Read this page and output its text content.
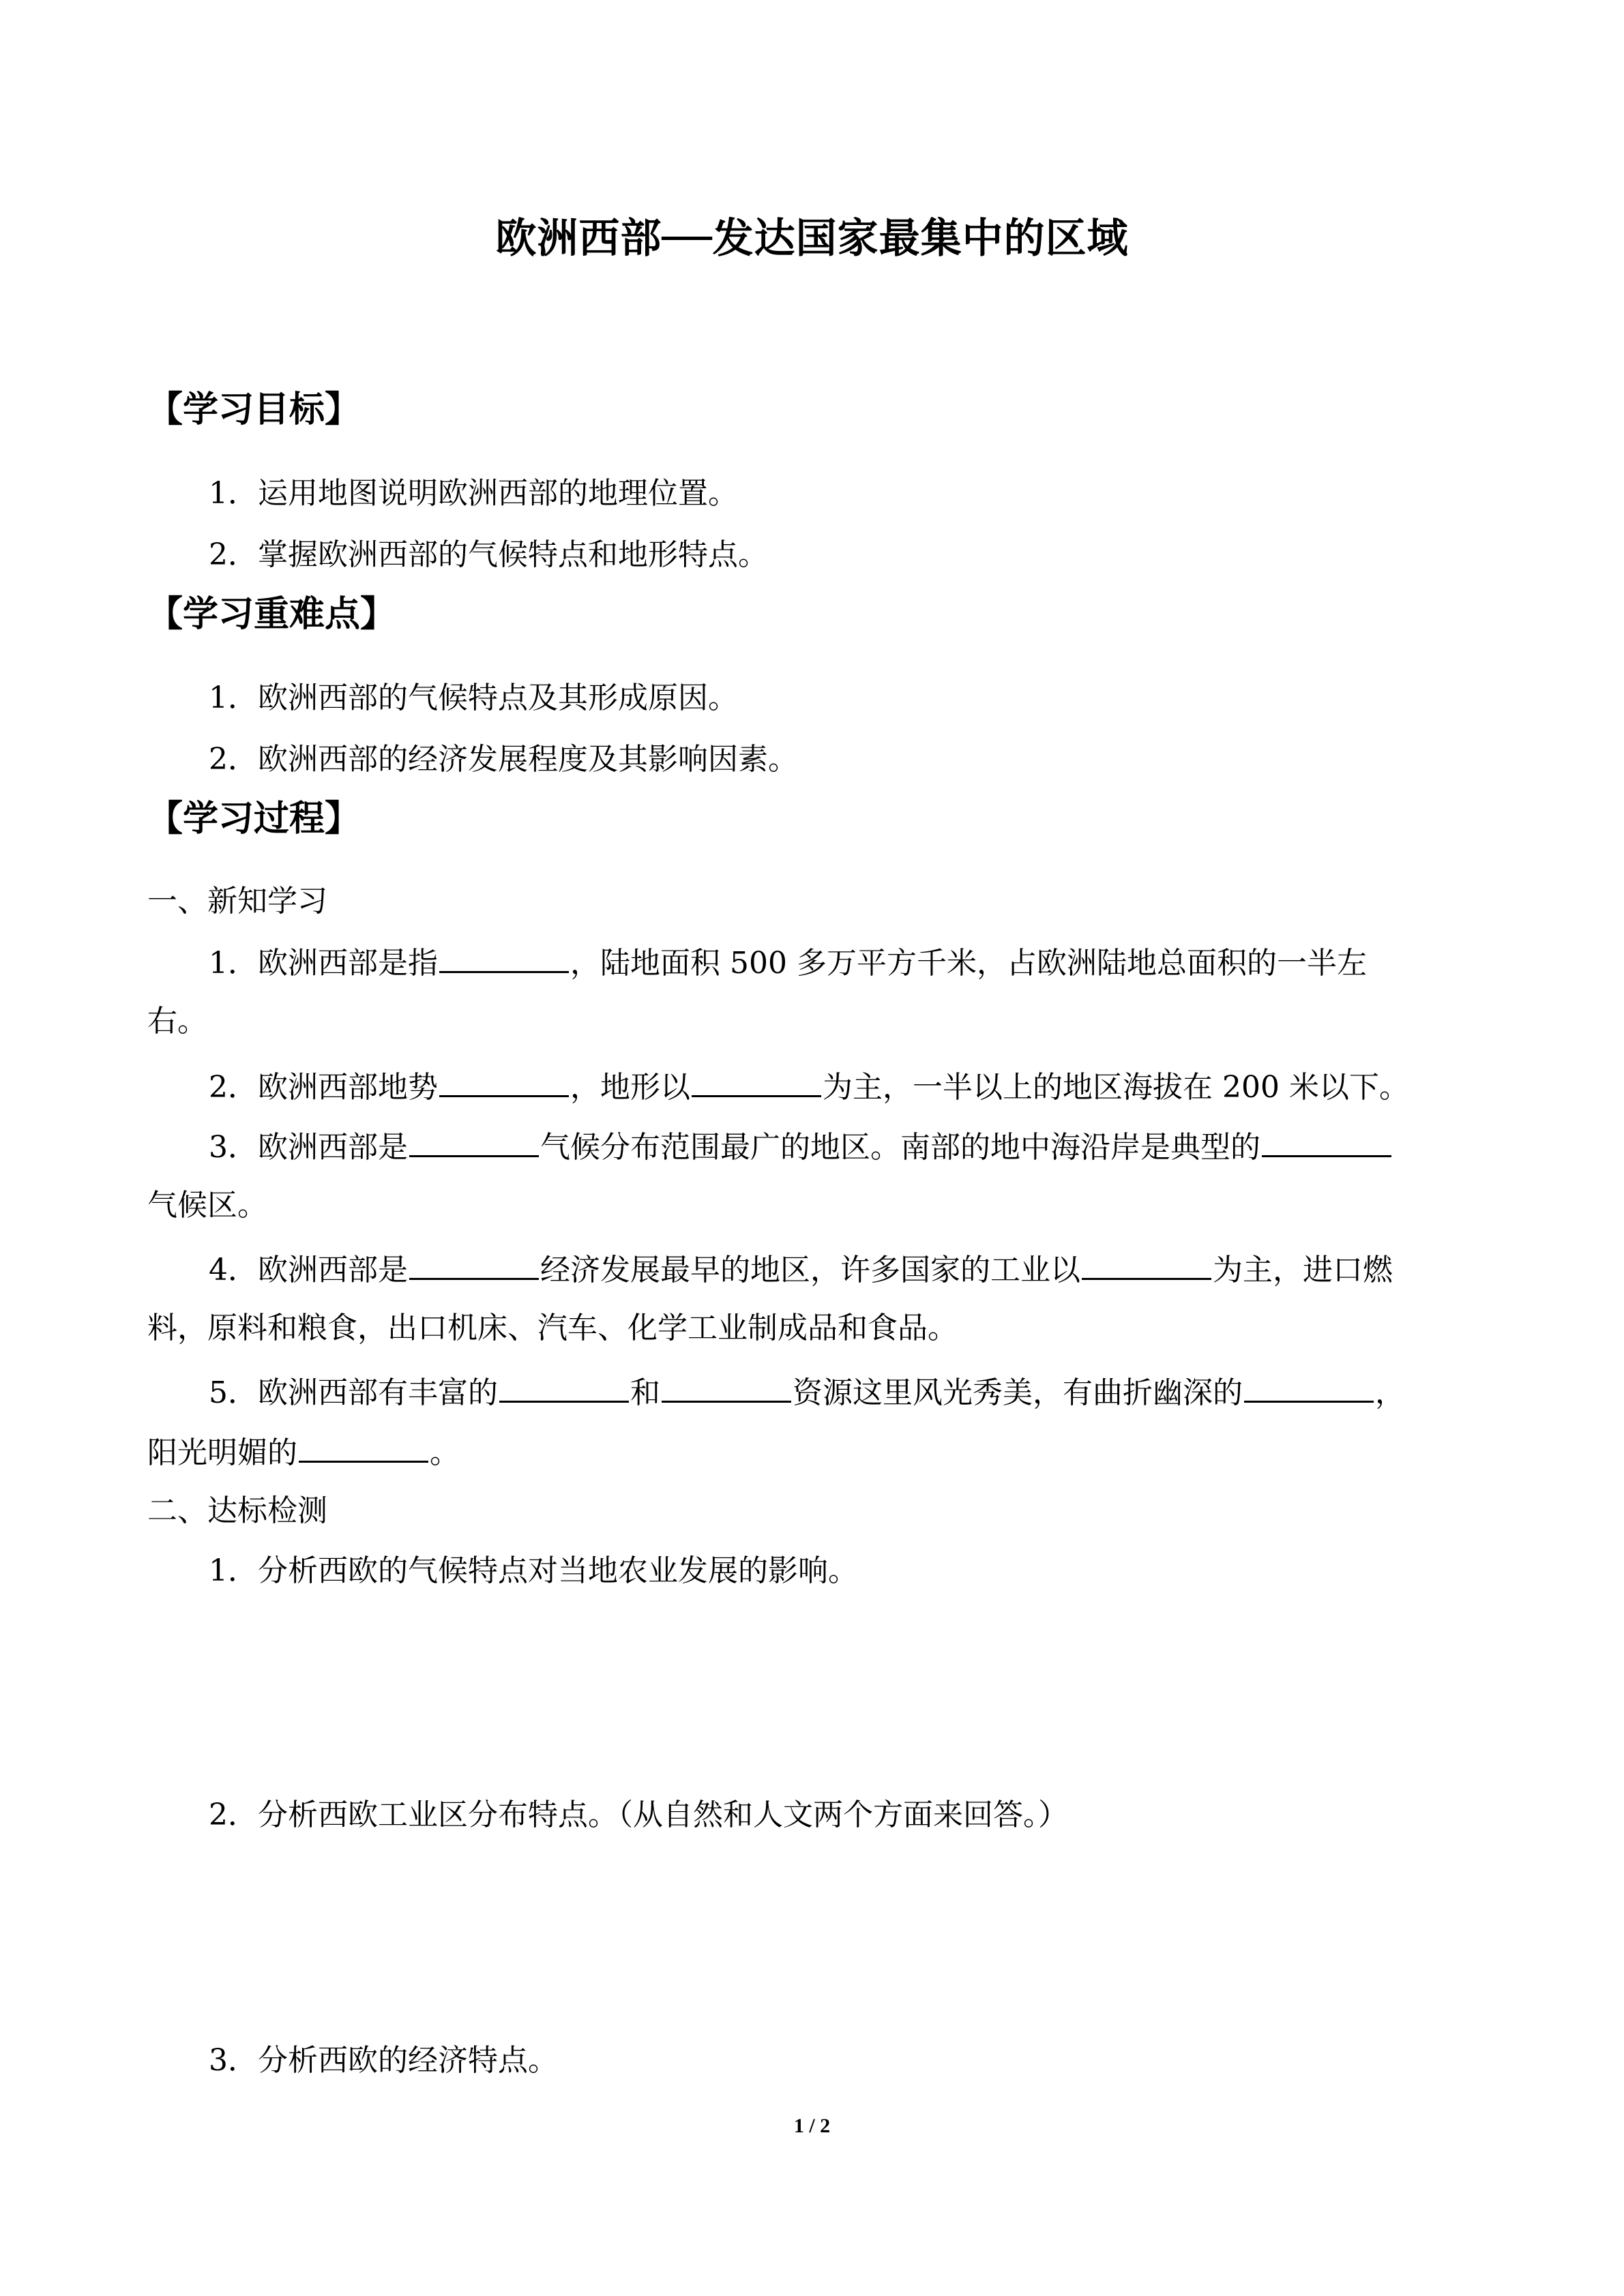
欧洲西部──发达国家最集中的区域
【学习目标】
1．运用地图说明欧洲西部的地理位置。
2．掌握欧洲西部的气候特点和地形特点。
【学习重难点】
1．欧洲西部的气候特点及其形成原因。
2．欧洲西部的经济发展程度及其影响因素。
【学习过程】
一、新知学习
1．欧洲西部是指	，陆地面积 500 多万平方千米，占欧洲陆地总面积的一半左
右。
2．欧洲西部地势	，地形以	为主，一半以上的地区海拔在 200 米以下。
3．欧洲西部是	气候分布范围最广的地区。南部的地中海沿岸是典型的
气候区。
4．欧洲西部是	经济发展最早的地区，许多国家的工业以	为主，进口燃
料，原料和粮食，出口机床、汽车、化学工业制成品和食品。
5．欧洲西部有丰富的	和	资源这里风光秀美，有曲折幽深的	，
阳光明媚的	。
二、达标检测
1．分析西欧的气候特点对当地农业发展的影响。
2．分析西欧工业区分布特点。（从自然和人文两个方面来回答。）
3．分析西欧的经济特点。
1 / 2
